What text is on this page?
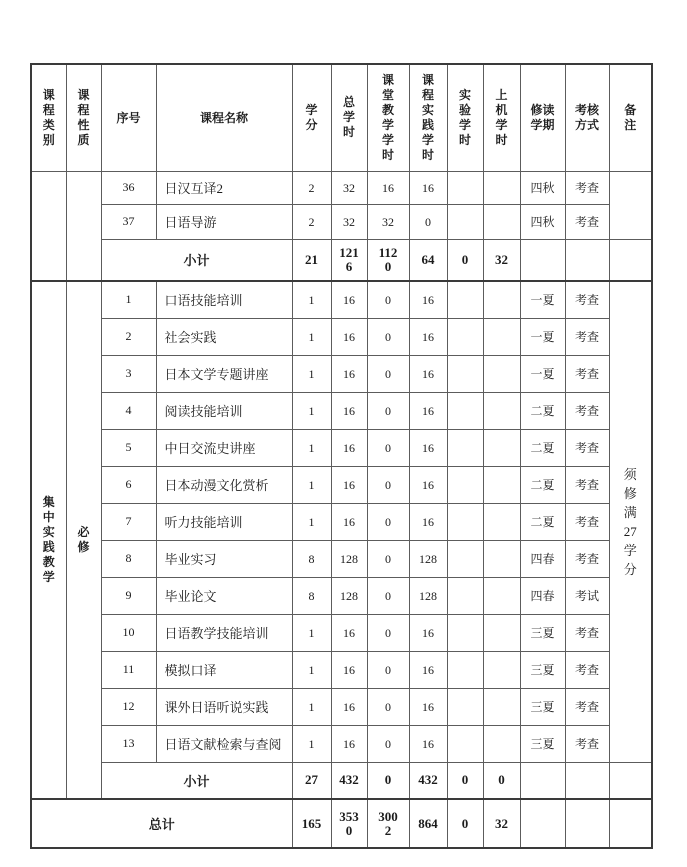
课程类别	课程性质	序号	课程名称	学分	总学时	课堂教学学时	课程实践学时	实验学时	上机学时	修读学期	考核方式	备注
		36	日汉互译2	2	32	16	16			四秋	考查	
		37	日语导游	2	32	32	0			四秋	考查	
		小计		21	1216	1120	64	0	32			
集中实践教学	必修	1	口语技能培训	1	16	0	16			一夏	考查	须修满27学分
		2	社会实践	1	16	0	16			一夏	考查	
		3	日本文学专题讲座	1	16	0	16			一夏	考查	
		4	阅读技能培训	1	16	0	16			二夏	考查	
		5	中日交流史讲座	1	16	0	16			二夏	考查	
		6	日本动漫文化赏析	1	16	0	16			二夏	考查	
		7	听力技能培训	1	16	0	16			二夏	考查	
		8	毕业实习	8	128	0	128			四春	考查	
		9	毕业论文	8	128	0	128			四春	考试	
		10	日语教学技能培训	1	16	0	16			三夏	考查	
		11	模拟口译	1	16	0	16			三夏	考查	
		12	课外日语听说实践	1	16	0	16			三夏	考查	
		13	日语文献检索与查阅	1	16	0	16			三夏	考查	
		小计		27	432	0	432	0	0			
总计				165	3530	3002	864	0	32			
